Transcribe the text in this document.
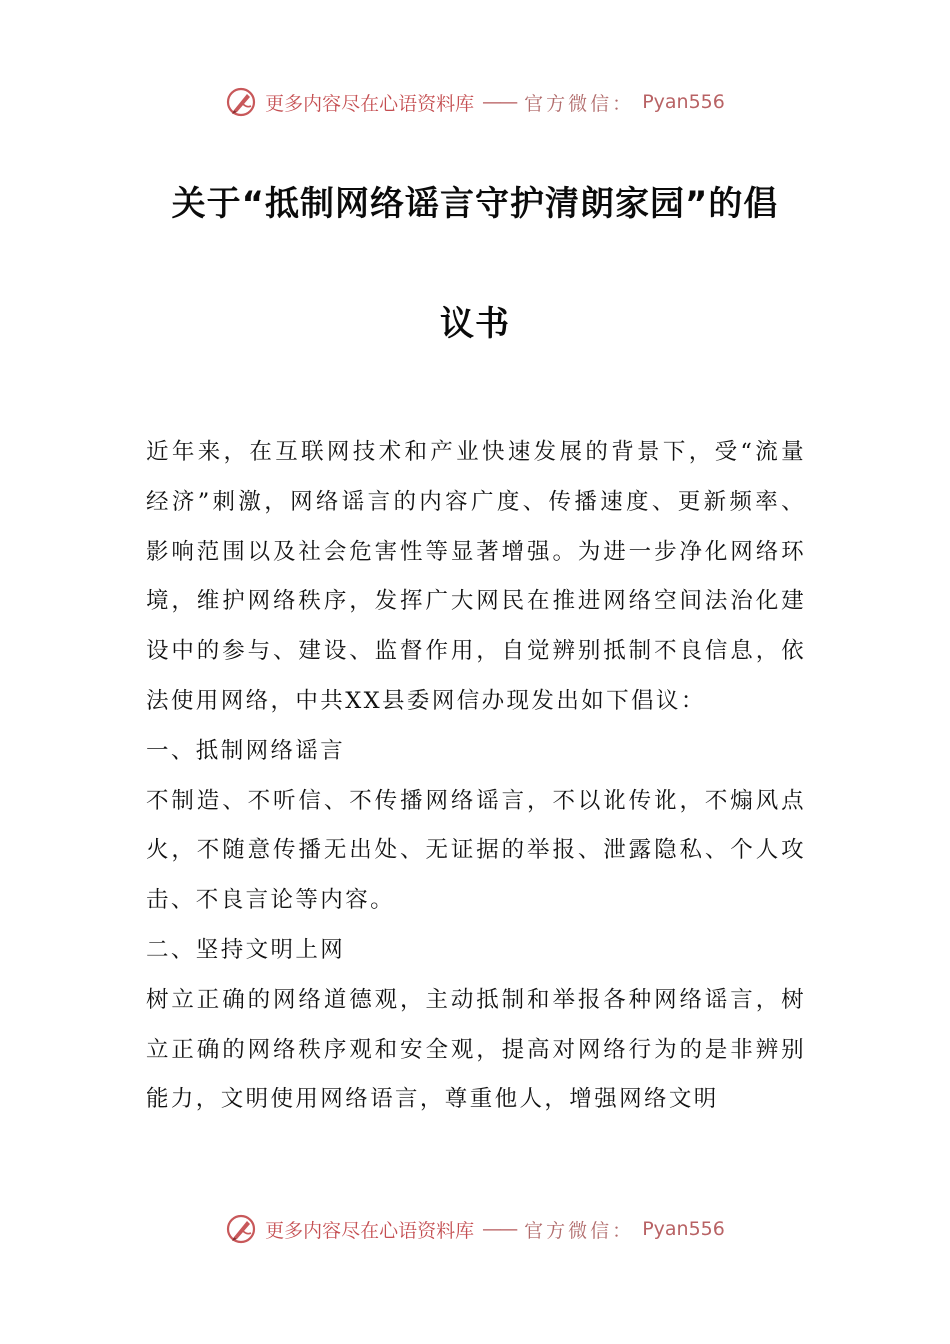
更多内容尽在心语资料库 —— 官方微信： Pyan556
关于“抵制网络谣言守护清朗家园”的倡
议书

近年来，在互联网技术和产业快速发展的背景下，受“流量经济”刺激，网络谣言的内容广度、传播速度、更新频率、影响范围以及社会危害性等显著增强。为进一步净化网络环境，维护网络秩序，发挥广大网民在推进网络空间法治化建设中的参与、建设、监督作用，自觉辨别抵制不良信息，依法使用网络，中共XX县委网信办现发出如下倡议：

一、抵制网络谣言

不制造、不听信、不传播网络谣言，不以讹传讹，不煽风点火，不随意传播无出处、无证据的举报、泄露隐私、个人攻击、不良言论等内容。

二、坚持文明上网

树立正确的网络道德观，主动抵制和举报各种网络谣言，树立正确的网络秩序观和安全观，提高对网络行为的是非辨别能力，文明使用网络语言，尊重他人，增强网络文明

更多内容尽在心语资料库 —— 官方微信： Pyan556
